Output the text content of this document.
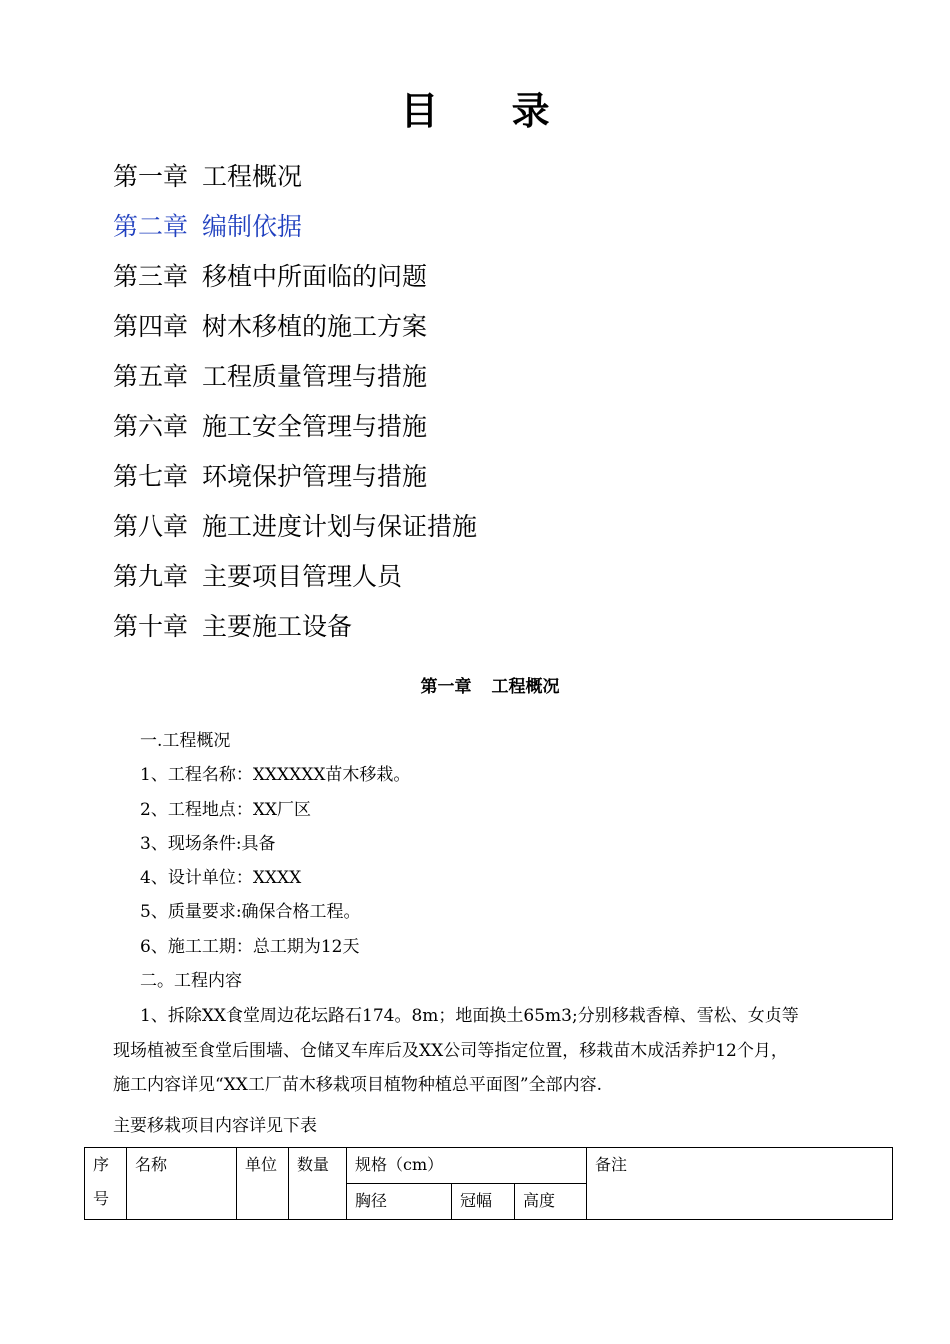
目 录
第一章 工程概况
第二章 编制依据
第三章 移植中所面临的问题
第四章 树木移植的施工方案
第五章 工程质量管理与措施
第六章 施工安全管理与措施
第七章 环境保护管理与措施
第八章 施工进度计划与保证措施
第九章 主要项目管理人员
第十章 主要施工设备
第一章 工程概况
一.工程概况
1、工程名称：XXXXXX苗木移栽。
2、工程地点：XX厂区
3、现场条件:具备
4、设计单位：XXXX
5、质量要求:确保合格工程。
6、施工工期：总工期为12天
二。工程内容
1、拆除XX食堂周边花坛路石174。8m；地面换土65m3;分别移栽香樟、雪松、女贞等
现场植被至食堂后围墙、仓储叉车库后及XX公司等指定位置，移栽苗木成活养护12个月，
施工内容详见“XX工厂苗木移栽项目植物种植总平面图”全部内容.
主要移栽项目内容详见下表
序
号	名称	单位	数量	规格（cm）			备注
				胸径	冠幅	高度	
